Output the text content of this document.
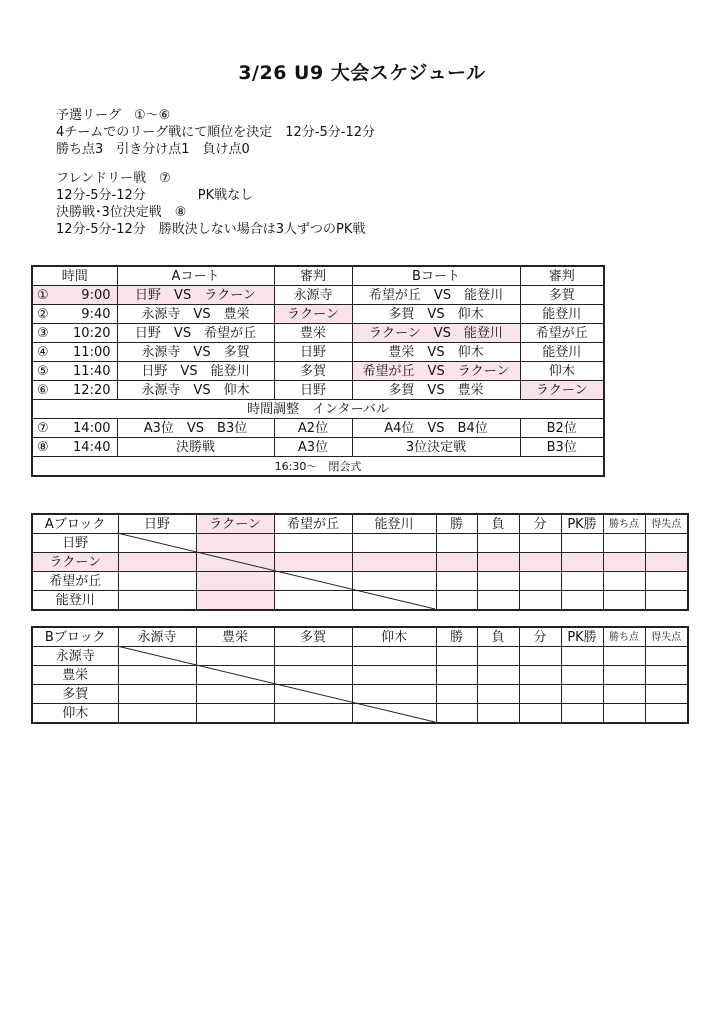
3/26 U9 大会スケジュール
予選リーグ　①～⑥
4チームでのリーグ戦にて順位を決定　12分-5分-12分
勝ち点3　引き分け点1　負け点0
フレンドリー戦　⑦
12分-5分-12分　　　　PK戦なし
決勝戦･3位決定戦　⑧
12分-5分-12分　勝敗決しない場合は3人ずつのPK戦
時間	Aコート	審判	Bコート	審判
① 9:00	日野　VS　ラクーン	永源寺	希望が丘　VS　能登川	多賀
② 9:40	永源寺　VS　豊栄	ラクーン	多賀　VS　仰木	能登川
③ 10:20	日野　VS　希望が丘	豊栄	ラクーン　VS　能登川	希望が丘
④ 11:00	永源寺　VS　多賀	日野	豊栄　VS　仰木	能登川
⑤ 11:40	日野　VS　能登川	多賀	希望が丘　VS　ラクーン	仰木
⑥ 12:20	永源寺　VS　仰木	日野	多賀　VS　豊栄	ラクーン
時間調整　インターバル				
⑦ 14:00	A3位　VS　B3位	A2位	A4位　VS　B4位	B2位
⑧ 14:40	決勝戦	A3位	3位決定戦	B3位
16:30～　閉会式				
Aブロック	日野	ラクーン	希望が丘	能登川	勝	負	分	PK勝	勝ち点	得失点
日野										
ラクーン										
希望が丘										
能登川										
Bブロック	永源寺	豊栄	多賀	仰木	勝	負	分	PK勝	勝ち点	得失点
永源寺										
豊栄										
多賀										
仰木										
